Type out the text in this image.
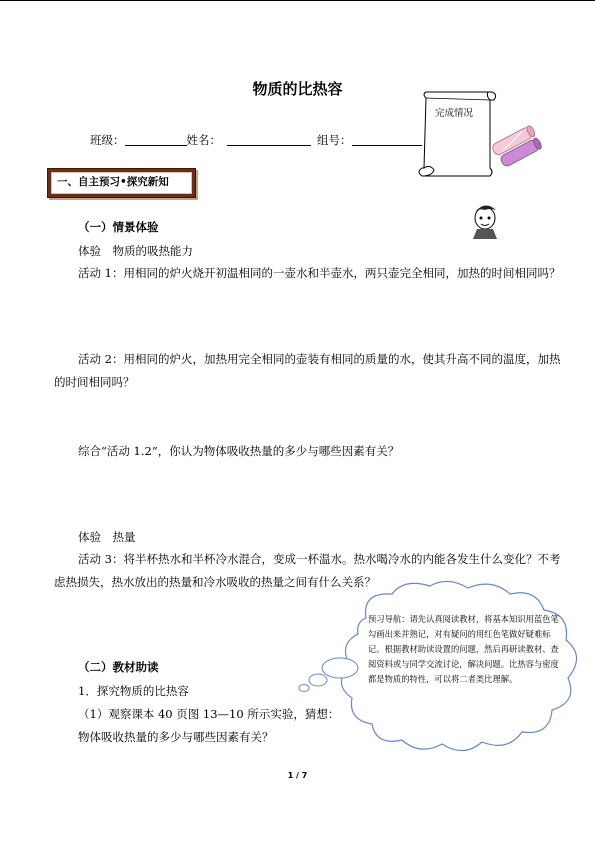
物质的比热容
班级：	姓名：	组号：
完成情况
一、自主预习•探究新知
（一）情景体验
体验　物质的吸热能力
活动 1：用相同的炉火烧开初温相同的一壶水和半壶水，两只壶完全相同，加热的时间相同吗？
活动 2：用相同的炉火，加热用完全相同的壶装有相同的质量的水，使其升高不同的温度，加热的时间相同吗？
综合“活动 1.2”，你认为物体吸收热量的多少与哪些因素有关？
体验　热量
活动 3：将半杯热水和半杯冷水混合，变成一杯温水。热水喝冷水的内能各发生什么变化？不考虑热损失，热水放出的热量和冷水吸收的热量之间有什么关系？
预习导航：请先认真阅读教材，将基本知识用蓝色笔勾画出来并熟记，对有疑问的用红色笔做好疑难标记。根据教材助读设置的问题，然后再研读教材、查阅资料或与同学交流讨论，解决问题。比热容与密度都是物质的特性，可以将二者类比理解。
（二）教材助读
1．探究物质的比热容
（1）观察课本 40 页图 13—10 所示实验，猜想：
物体吸收热量的多少与哪些因素有关？
1 / 7
